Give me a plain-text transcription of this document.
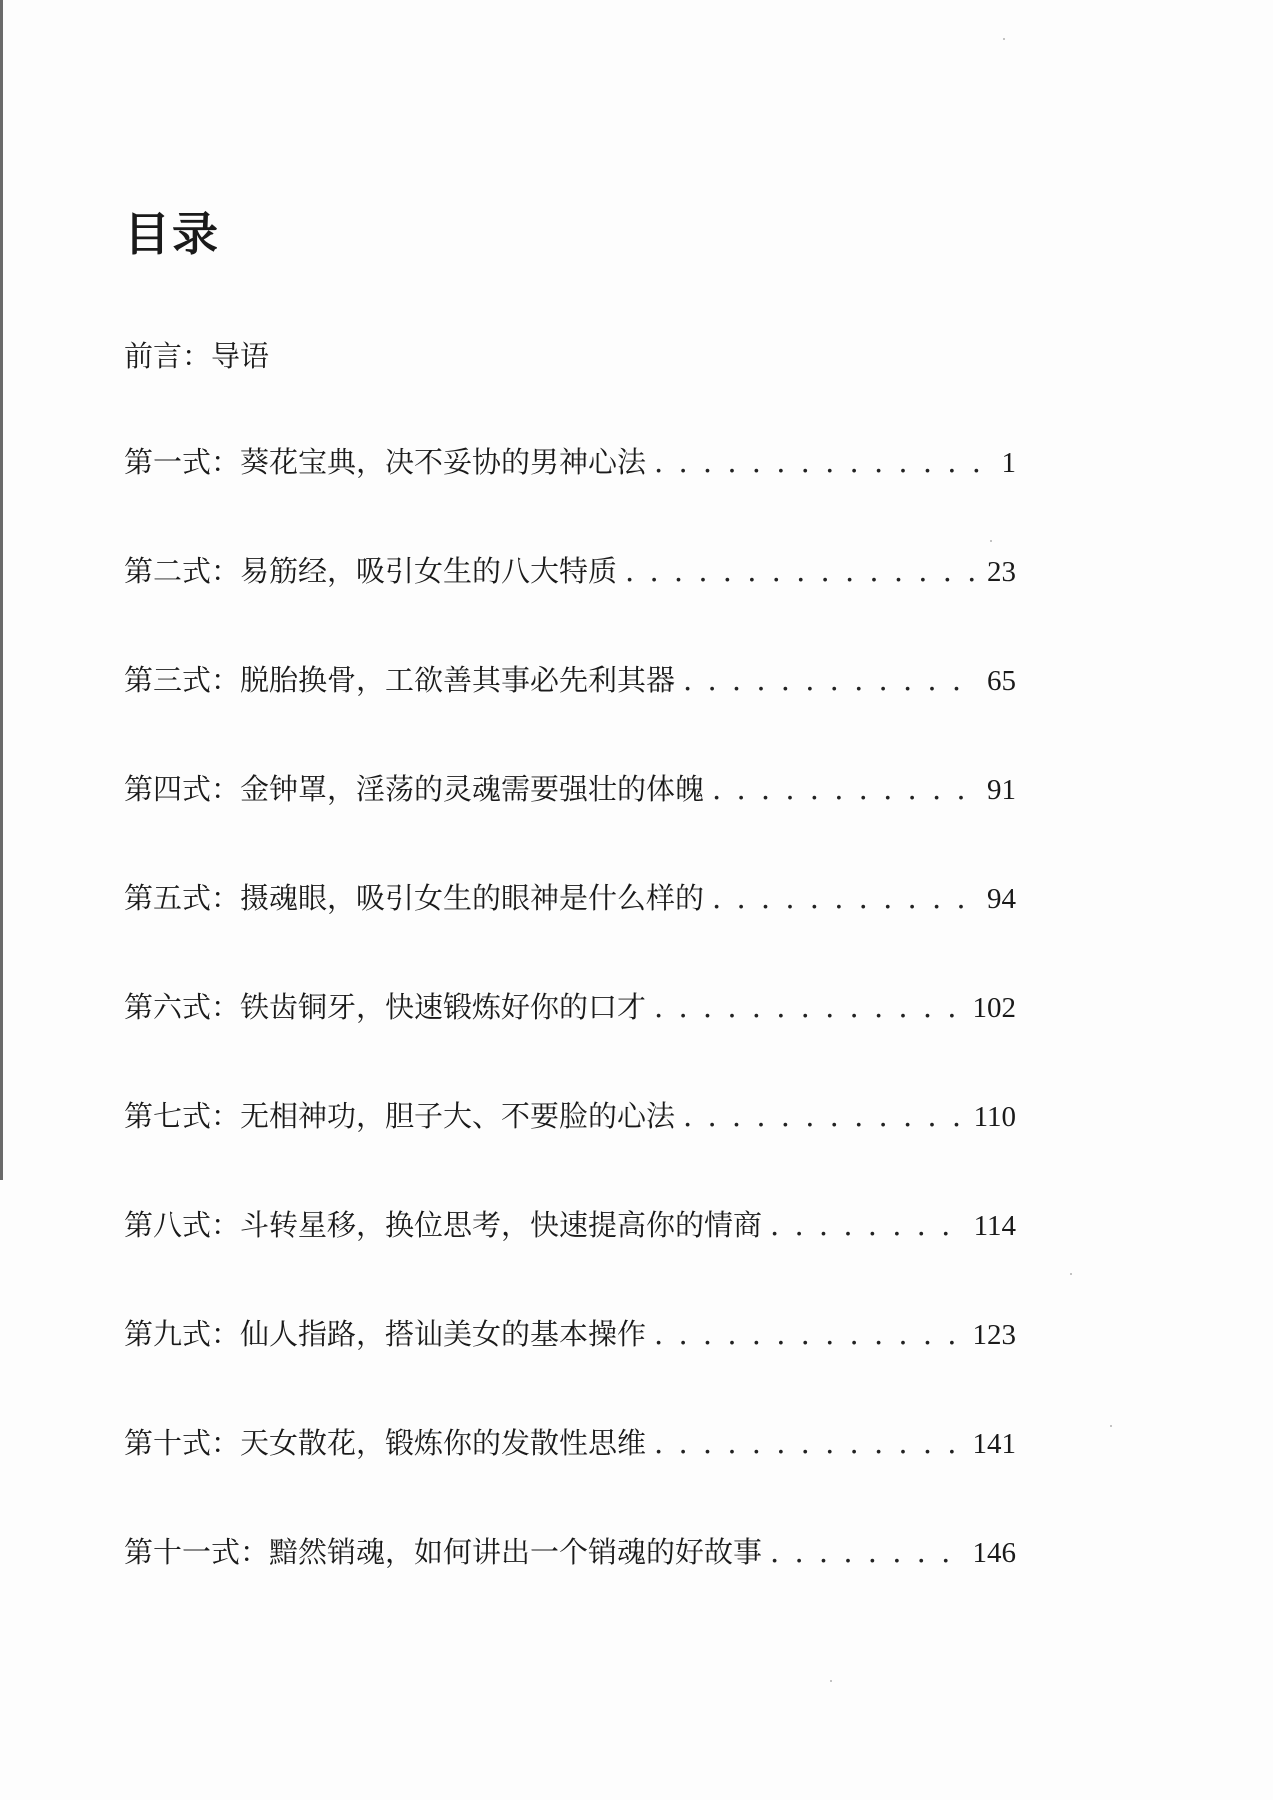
目录
前言：导语
第一式：葵花宝典，决不妥协的男神心法 . . .	1
第二式：易筋经，吸引女生的八大特质 . . .	23
第三式：脱胎换骨，工欲善其事必先利其器 . . .	65
第四式：金钟罩，淫荡的灵魂需要强壮的体魄 . . .	91
第五式：摄魂眼，吸引女生的眼神是什么样的 . . .	94
第六式：铁齿铜牙，快速锻炼好你的口才 . . .	102
第七式：无相神功，胆子大、不要脸的心法 . . .	110
第八式：斗转星移，换位思考，快速提高你的情商 . . .	114
第九式：仙人指路，搭讪美女的基本操作 . . .	123
第十式：天女散花，锻炼你的发散性思维 . . .	141
第十一式：黯然销魂，如何讲出一个销魂的好故事 . . .	146
